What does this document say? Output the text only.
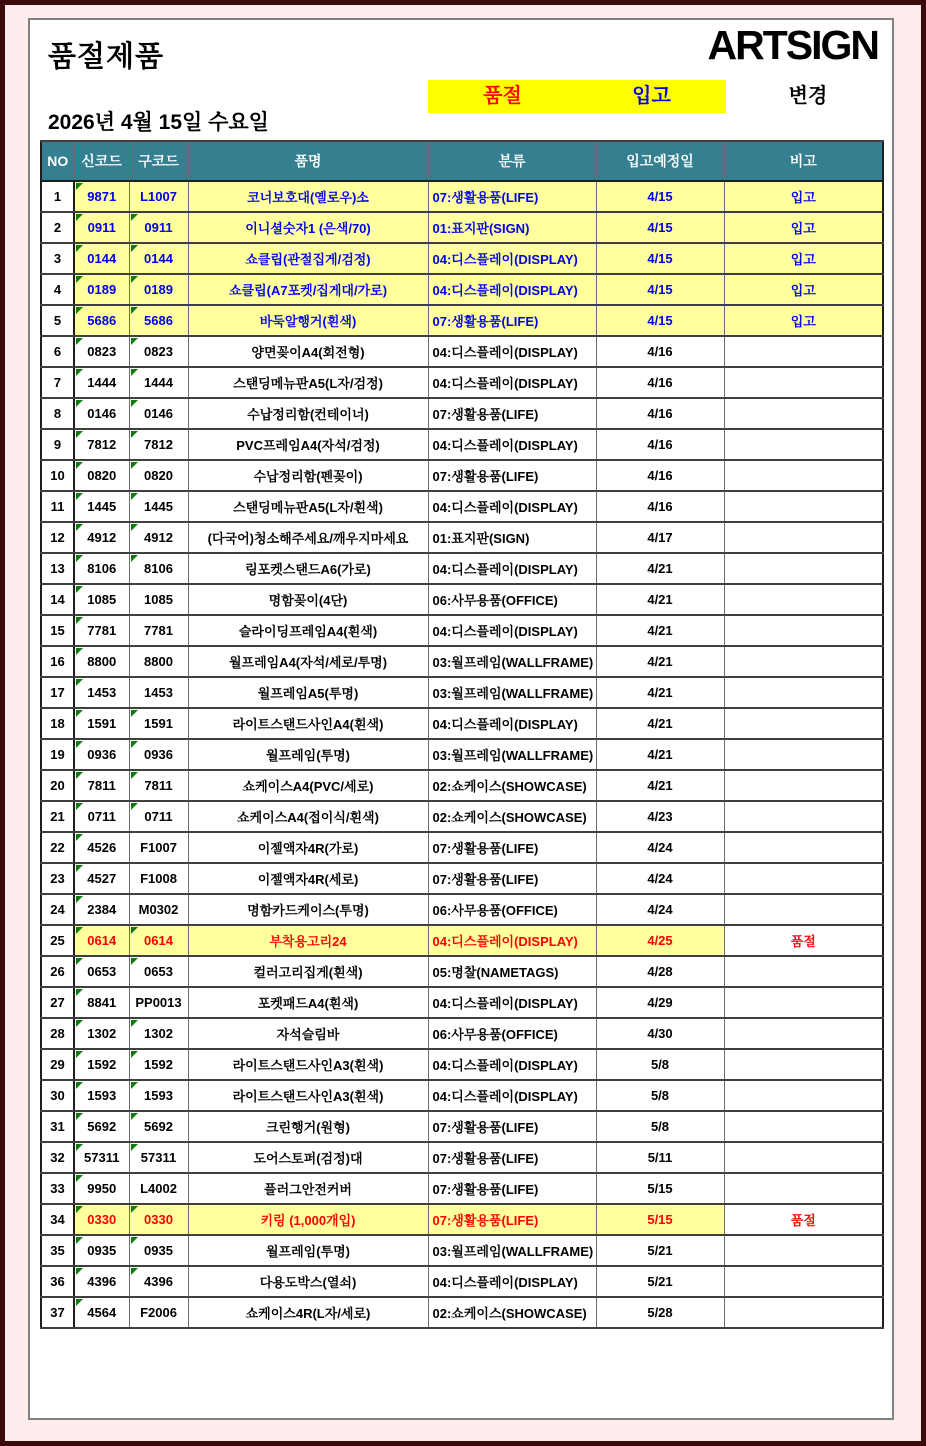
품절제품	ARTSIGN
품절	입고	변경
2026년 4월 15일 수요일
NO	신코드	구코드	품명	분류	입고예정일	비고
1	9871	L1007	코너보호대(옐로우)소	07:생활용품(LIFE)	4/15	입고
2	0911	0911	이니셜숫자1 (은색/70)	01:표지판(SIGN)	4/15	입고
3	0144	0144	쇼클립(관절집게/검정)	04:디스플레이(DISPLAY)	4/15	입고
4	0189	0189	쇼클립(A7포켓/집게대/가로)	04:디스플레이(DISPLAY)	4/15	입고
5	5686	5686	바둑알행거(흰색)	07:생활용품(LIFE)	4/15	입고
6	0823	0823	양면꽂이A4(회전형)	04:디스플레이(DISPLAY)	4/16	
7	1444	1444	스탠딩메뉴판A5(L자/검정)	04:디스플레이(DISPLAY)	4/16	
8	0146	0146	수납정리함(컨테이너)	07:생활용품(LIFE)	4/16	
9	7812	7812	PVC프레임A4(자석/검정)	04:디스플레이(DISPLAY)	4/16	
10	0820	0820	수납정리함(펜꽂이)	07:생활용품(LIFE)	4/16	
11	1445	1445	스탠딩메뉴판A5(L자/흰색)	04:디스플레이(DISPLAY)	4/16	
12	4912	4912	(다국어)청소해주세요/깨우지마세요	01:표지판(SIGN)	4/17	
13	8106	8106	링포켓스탠드A6(가로)	04:디스플레이(DISPLAY)	4/21	
14	1085	1085	명함꽂이(4단)	06:사무용품(OFFICE)	4/21	
15	7781	7781	슬라이딩프레임A4(흰색)	04:디스플레이(DISPLAY)	4/21	
16	8800	8800	월프레임A4(자석/세로/투명)	03:월프레임(WALLFRAME)	4/21	
17	1453	1453	월프레임A5(투명)	03:월프레임(WALLFRAME)	4/21	
18	1591	1591	라이트스탠드사인A4(흰색)	04:디스플레이(DISPLAY)	4/21	
19	0936	0936	월프레임(투명)	03:월프레임(WALLFRAME)	4/21	
20	7811	7811	쇼케이스A4(PVC/세로)	02:쇼케이스(SHOWCASE)	4/21	
21	0711	0711	쇼케이스A4(접이식/흰색)	02:쇼케이스(SHOWCASE)	4/23	
22	4526	F1007	이젤액자4R(가로)	07:생활용품(LIFE)	4/24	
23	4527	F1008	이젤액자4R(세로)	07:생활용품(LIFE)	4/24	
24	2384	M0302	명함카드케이스(투명)	06:사무용품(OFFICE)	4/24	
25	0614	0614	부착용고리24	04:디스플레이(DISPLAY)	4/25	품절
26	0653	0653	컬러고리집게(흰색)	05:명찰(NAMETAGS)	4/28	
27	8841	PP0013	포켓패드A4(흰색)	04:디스플레이(DISPLAY)	4/29	
28	1302	1302	자석슬림바	06:사무용품(OFFICE)	4/30	
29	1592	1592	라이트스탠드사인A3(흰색)	04:디스플레이(DISPLAY)	5/8	
30	1593	1593	라이트스탠드사인A3(흰색)	04:디스플레이(DISPLAY)	5/8	
31	5692	5692	크린행거(원형)	07:생활용품(LIFE)	5/8	
32	57311	57311	도어스토퍼(검정)대	07:생활용품(LIFE)	5/11	
33	9950	L4002	플러그안전커버	07:생활용품(LIFE)	5/15	
34	0330	0330	키링 (1,000개입)	07:생활용품(LIFE)	5/15	품절
35	0935	0935	월프레임(투명)	03:월프레임(WALLFRAME)	5/21	
36	4396	4396	다용도박스(열쇠)	04:디스플레이(DISPLAY)	5/21	
37	4564	F2006	쇼케이스4R(L자/세로)	02:쇼케이스(SHOWCASE)	5/28	
